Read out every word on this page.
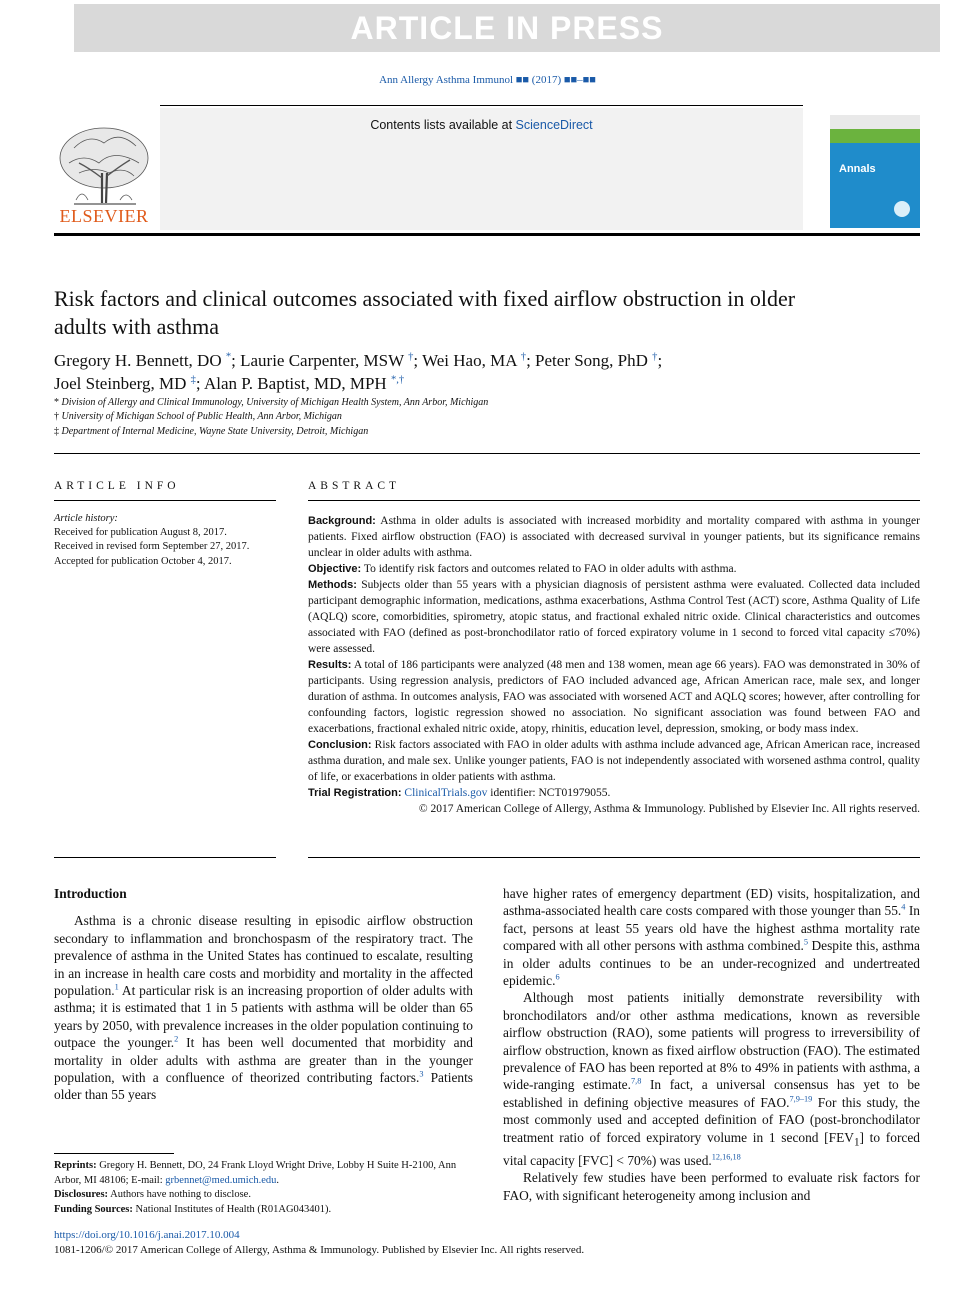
ARTICLE IN PRESS
Ann Allergy Asthma Immunol ■■ (2017) ■■–■■
Contents lists available at ScienceDirect
ELSEVIER
Annals
Risk factors and clinical outcomes associated with fixed airflow obstruction in older adults with asthma
Gregory H. Bennett, DO *; Laurie Carpenter, MSW †; Wei Hao, MA †; Peter Song, PhD †;
Joel Steinberg, MD ‡; Alan P. Baptist, MD, MPH *,†
* Division of Allergy and Clinical Immunology, University of Michigan Health System, Ann Arbor, Michigan
† University of Michigan School of Public Health, Ann Arbor, Michigan
‡ Department of Internal Medicine, Wayne State University, Detroit, Michigan
ARTICLE INFO	ABSTRACT
Article history:
Received for publication August 8, 2017.
Received in revised form September 27, 2017.
Accepted for publication October 4, 2017.

Background: Asthma in older adults is associated with increased morbidity and mortality compared with asthma in younger patients. Fixed airflow obstruction (FAO) is associated with decreased survival in younger patients, but its significance remains unclear in older adults with asthma.

Objective: To identify risk factors and outcomes related to FAO in older adults with asthma.

Methods: Subjects older than 55 years with a physician diagnosis of persistent asthma were evaluated. Collected data included participant demographic information, medications, asthma exacerbations, Asthma Control Test (ACT) score, Asthma Quality of Life (AQLQ) score, comorbidities, spirometry, atopic status, and fractional exhaled nitric oxide. Clinical characteristics and outcomes associated with FAO (defined as post-bronchodilator ratio of forced expiratory volume in 1 second to forced vital capacity ≤70%) were assessed.

Results: A total of 186 participants were analyzed (48 men and 138 women, mean age 66 years). FAO was demonstrated in 30% of participants. Using regression analysis, predictors of FAO included advanced age, African American race, male sex, and longer duration of asthma. In outcomes analysis, FAO was associated with worsened ACT and AQLQ scores; however, after controlling for confounding factors, logistic regression showed no association. No significant association was found between FAO and exacerbations, fractional exhaled nitric oxide, atopy, rhinitis, education level, depression, smoking, or body mass index.

Conclusion: Risk factors associated with FAO in older adults with asthma include advanced age, African American race, increased asthma duration, and male sex. Unlike younger patients, FAO is not independently associated with worsened asthma control, quality of life, or exacerbations in older patients with asthma.

Trial Registration: ClinicalTrials.gov identifier: NCT01979055.

© 2017 American College of Allergy, Asthma & Immunology. Published by Elsevier Inc. All rights reserved.

Introduction

Asthma is a chronic disease resulting in episodic airflow obstruction secondary to inflammation and bronchospasm of the respiratory tract. The prevalence of asthma in the United States has continued to escalate, resulting in an increase in health care costs and morbidity and mortality in the affected population.$^1$ At particular risk is an increasing proportion of older adults with asthma; it is estimated that 1 in 5 patients with asthma will be older than 65 years by 2050, with prevalence increases in the older population continuing to outpace the younger.$^2$ It has been well documented that morbidity and mortality in older adults with asthma are greater than in the younger population, with a confluence of theorized contributing factors.$^3$ Patients older than 55 years

have higher rates of emergency department (ED) visits, hospitalization, and asthma-associated health care costs compared with those younger than 55.$^4$ In fact, persons at least 55 years old have the highest asthma mortality rate compared with all other persons with asthma combined.$^5$ Despite this, asthma in older adults continues to be an under-recognized and undertreated epidemic.$^6$

Although most patients initially demonstrate reversibility with bronchodilators and/or other asthma medications, known as reversible airflow obstruction (RAO), some patients will progress to irreversibility of airflow obstruction, known as fixed airflow obstruction (FAO). The estimated prevalence of FAO has been reported at 8% to 49% in patients with asthma, a wide-ranging estimate.$^{7,8}$ In fact, a universal consensus has yet to be established in defining objective measures of FAO.$^{7,9-19}$ For this study, the most commonly used and accepted definition of FAO (post-bronchodilator treatment ratio of forced expiratory volume in 1 second $[FEV_1]$ to forced vital capacity [FVC] < 70%) was used.$^{12,16,18}$

Relatively few studies have been performed to evaluate risk factors for FAO, with significant heterogeneity among inclusion and

Reprints: Gregory H. Bennett, DO, 24 Frank Lloyd Wright Drive, Lobby H Suite H-2100, Ann Arbor, MI 48106; E-mail: grbennet@med.umich.edu.

Disclosures: Authors have nothing to disclose.

Funding Sources: National Institutes of Health (R01AG043401).

https://doi.org/10.1016/j.anai.2017.10.004
1081-1206/© 2017 American College of Allergy, Asthma & Immunology. Published by Elsevier Inc. All rights reserved.
